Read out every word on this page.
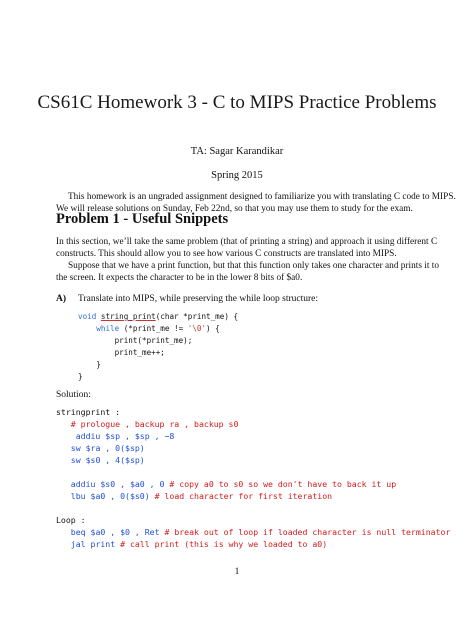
CS61C Homework 3 - C to MIPS Practice Problems
TA: Sagar Karandikar
Spring 2015
This homework is an ungraded assignment designed to familiarize you with translating C code to MIPS.
We will release solutions on Sunday, Feb 22nd, so that you may use them to study for the exam.
Problem 1 - Useful Snippets
In this section, we’ll take the same problem (that of printing a string) and approach it using different C
constructs. This should allow you to see how various C constructs are translated into MIPS.
Suppose that we have a print function, but that this function only takes one character and prints it to
the screen. It expects the character to be in the lower 8 bits of $a0.
A) Translate into MIPS, while preserving the while loop structure:
void string_print(char *print_me) {
while (*print_me != '\0') {
print(*print_me);
print_me++;
}
}
Solution:
stringprint :
# prologue , backup ra , backup s0
addiu $sp , $sp , −8
sw $ra , 0($sp)
sw $s0 , 4($sp)

addiu $s0 , $a0 , 0 # copy a0 to s0 so we don't have to back it up
lbu $a0 , 0($s0) # load character for first iteration
Loop :
beq $a0 , $0 , Ret # break out of loop if loaded character is null terminator
jal print # call print (this is why we loaded to a0)
1
